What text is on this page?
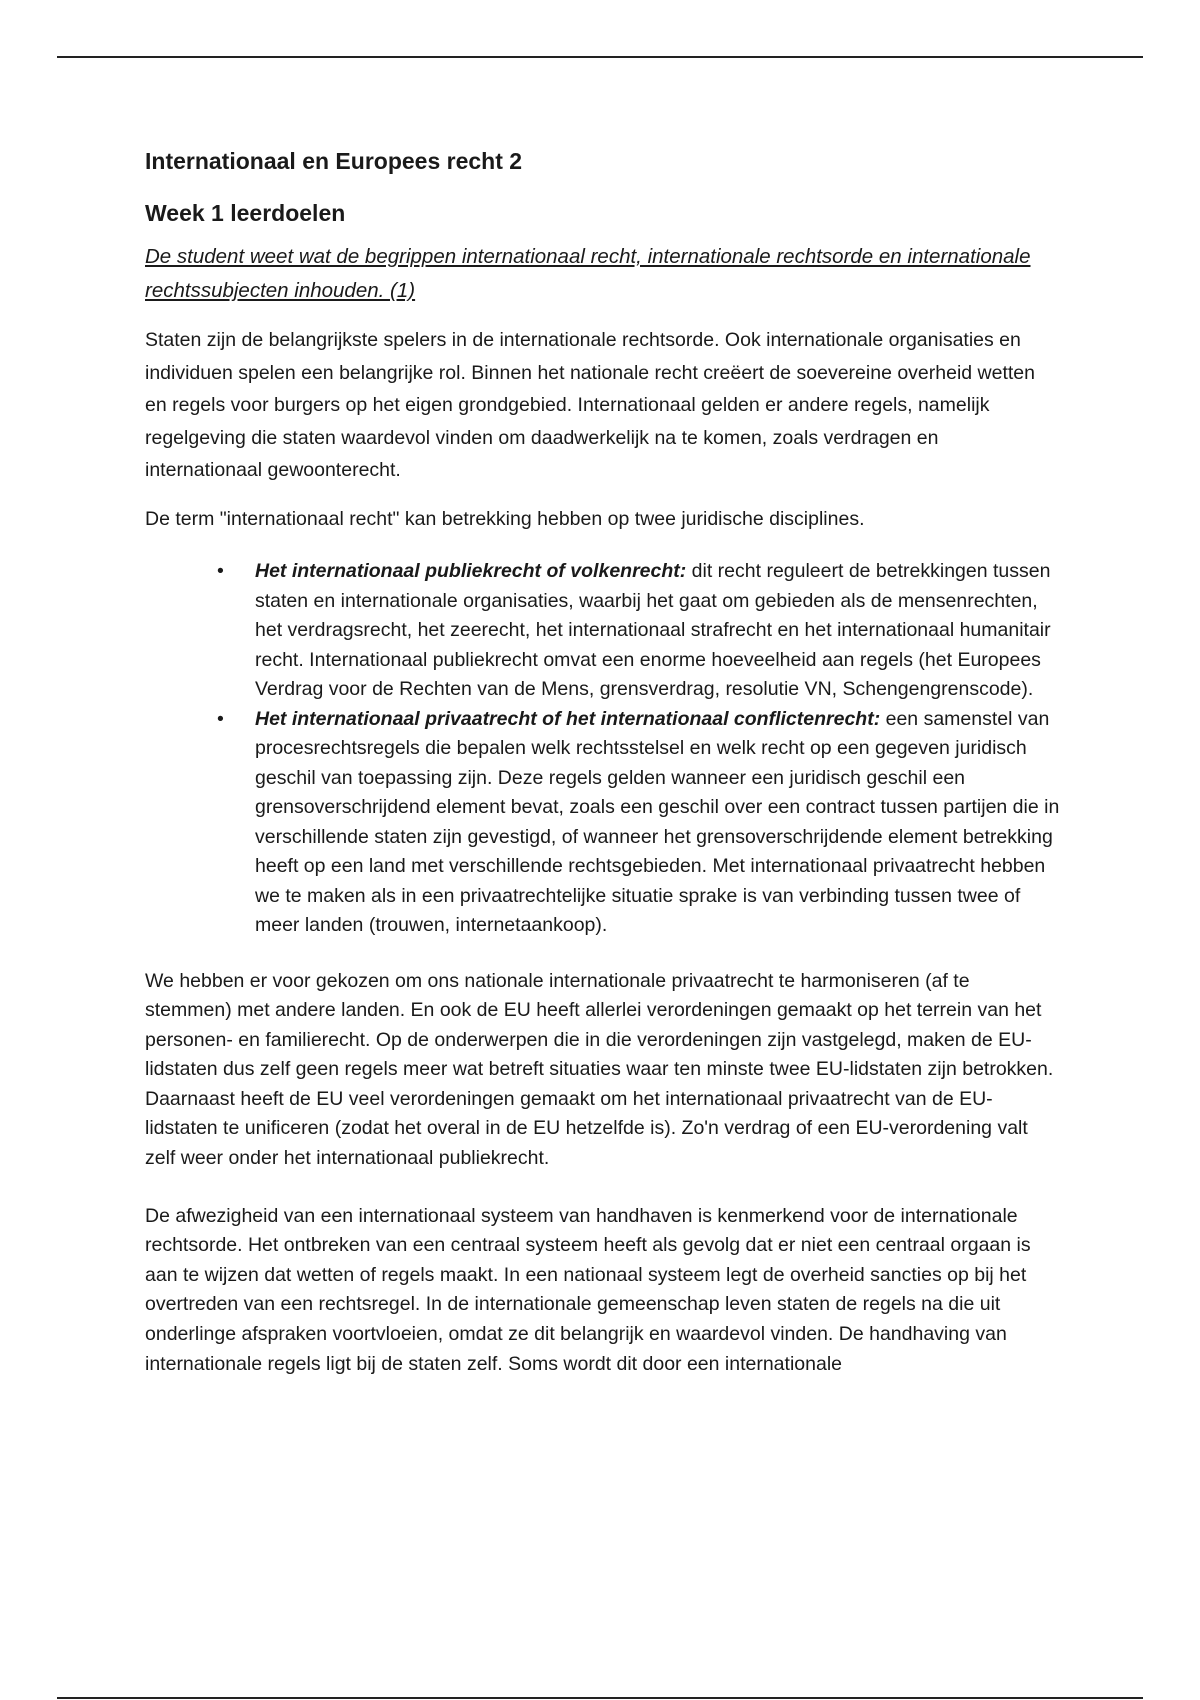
Internationaal en Europees recht 2
Week 1 leerdoelen

De student weet wat de begrippen internationaal recht, internationale rechtsorde en internationale rechtssubjecten inhouden. (1)

Staten zijn de belangrijkste spelers in de internationale rechtsorde. Ook internationale organisaties en individuen spelen een belangrijke rol. Binnen het nationale recht creëert de soevereine overheid wetten en regels voor burgers op het eigen grondgebied. Internationaal gelden er andere regels, namelijk regelgeving die staten waardevol vinden om daadwerkelijk na te komen, zoals verdragen en internationaal gewoonterecht.

De term "internationaal recht" kan betrekking hebben op twee juridische disciplines.

• Het internationaal publiekrecht of volkenrecht: dit recht reguleert de betrekkingen tussen staten en internationale organisaties, waarbij het gaat om gebieden als de mensenrechten, het verdragsrecht, het zeerecht, het internationaal strafrecht en het internationaal humanitair recht. Internationaal publiekrecht omvat een enorme hoeveelheid aan regels (het Europees Verdrag voor de Rechten van de Mens, grensverdrag, resolutie VN, Schengengrenscode).
• Het internationaal privaatrecht of het internationaal conflictenrecht: een samenstel van procesrechtsregels die bepalen welk rechtsstelsel en welk recht op een gegeven juridisch geschil van toepassing zijn. Deze regels gelden wanneer een juridisch geschil een grensoverschrijdend element bevat, zoals een geschil over een contract tussen partijen die in verschillende staten zijn gevestigd, of wanneer het grensoverschrijdende element betrekking heeft op een land met verschillende rechtsgebieden. Met internationaal privaatrecht hebben we te maken als in een privaatrechtelijke situatie sprake is van verbinding tussen twee of meer landen (trouwen, internetaankoop).

We hebben er voor gekozen om ons nationale internationale privaatrecht te harmoniseren (af te stemmen) met andere landen. En ook de EU heeft allerlei verordeningen gemaakt op het terrein van het personen- en familierecht. Op de onderwerpen die in die verordeningen zijn vastgelegd, maken de EU-lidstaten dus zelf geen regels meer wat betreft situaties waar ten minste twee EU-lidstaten zijn betrokken. Daarnaast heeft de EU veel verordeningen gemaakt om het internationaal privaatrecht van de EU-lidstaten te unificeren (zodat het overal in de EU hetzelfde is). Zo'n verdrag of een EU-verordening valt zelf weer onder het internationaal publiekrecht.

De afwezigheid van een internationaal systeem van handhaven is kenmerkend voor de internationale rechtsorde. Het ontbreken van een centraal systeem heeft als gevolg dat er niet een centraal orgaan is aan te wijzen dat wetten of regels maakt. In een nationaal systeem legt de overheid sancties op bij het overtreden van een rechtsregel. In de internationale gemeenschap leven staten de regels na die uit onderlinge afspraken voortvloeien, omdat ze dit belangrijk en waardevol vinden. De handhaving van internationale regels ligt bij de staten zelf. Soms wordt dit door een internationale
